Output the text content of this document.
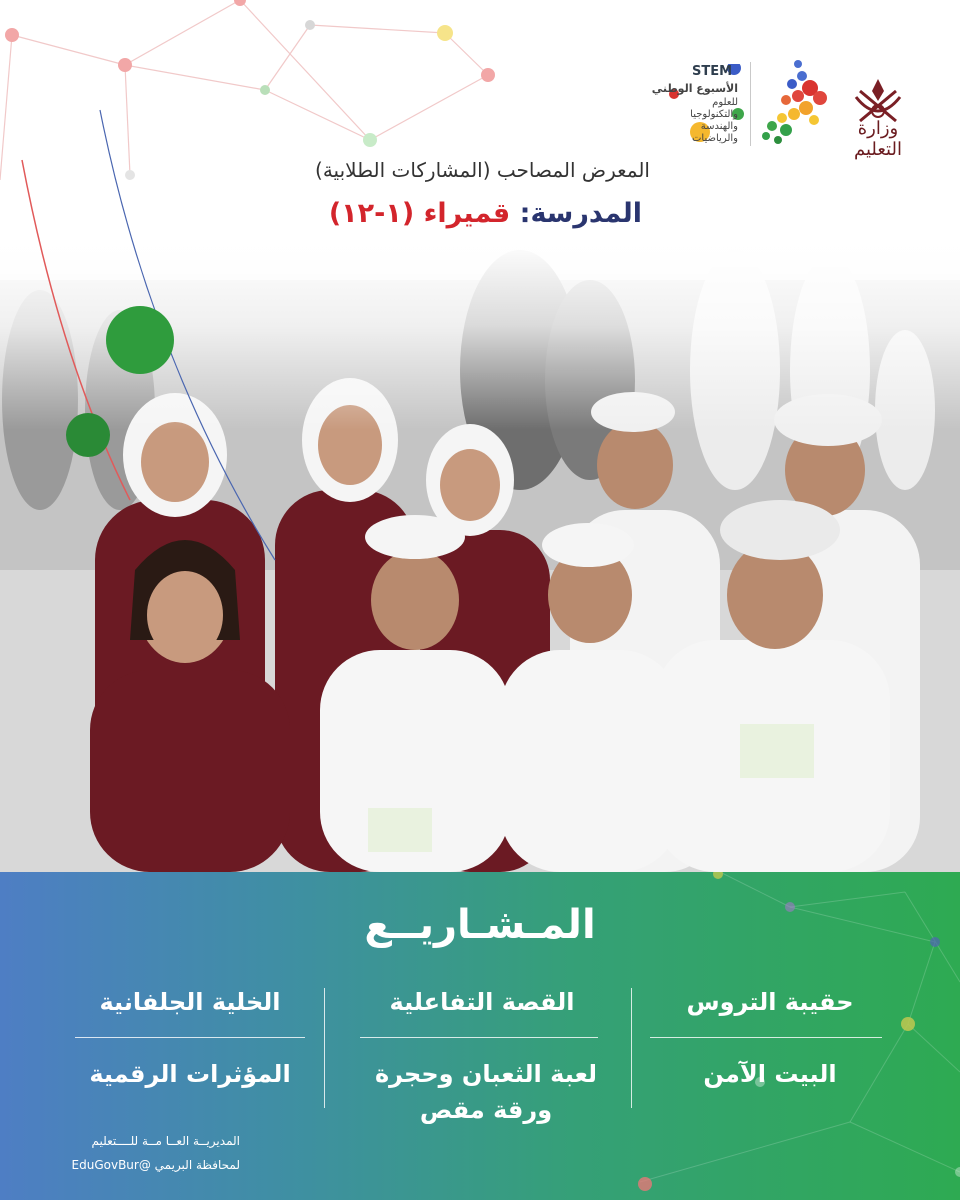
وزارة التعليم
STEM
الأسبوع الوطني
للعلوم
والتكنولوجيا
والهندسة
والرياضيات
المعرض المصاحب (المشاركات الطلابية)
المدرسة: قميراء (١-١٢)
المـشـاريــع
حقيبة التروس
البيت الآمن
القصة التفاعلية
لعبة الثعبان وحجرة ورقة مقص
الخلية الجلفانية
المؤثرات الرقمية
المديريــة العــا مــة للــــتعليم
لمحافظة البريمي @EduGovBur
